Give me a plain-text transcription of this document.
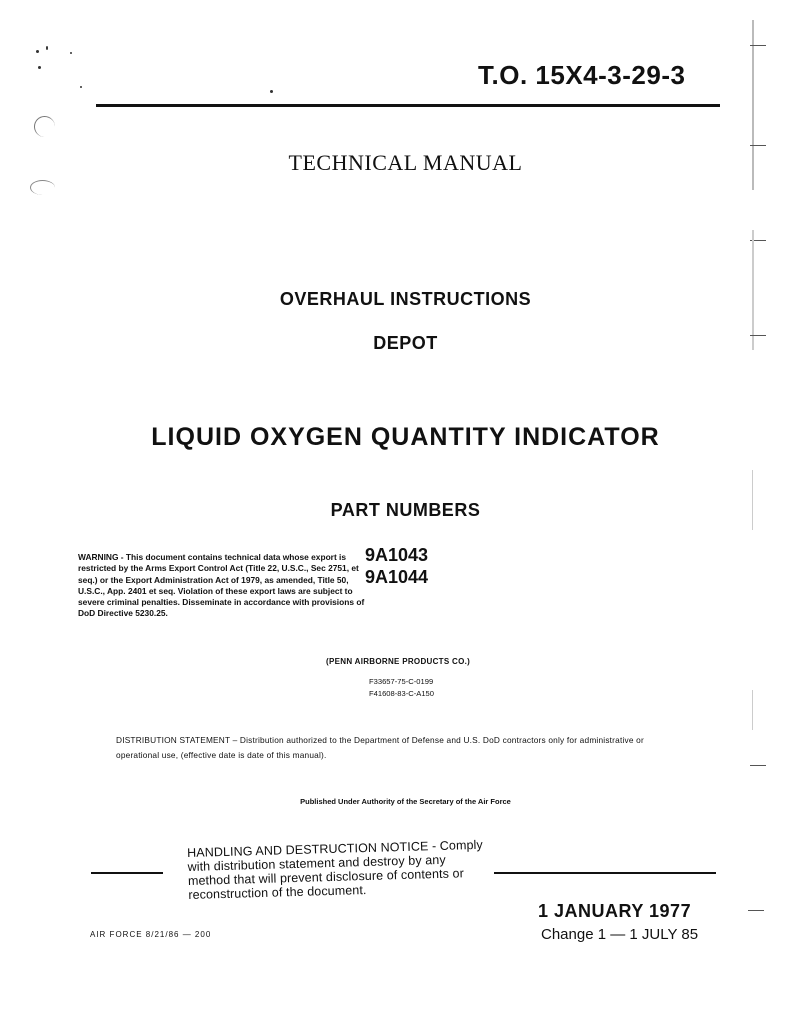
T.O. 15X4-3-29-3
TECHNICAL MANUAL
OVERHAUL INSTRUCTIONS
DEPOT
LIQUID OXYGEN QUANTITY INDICATOR
PART NUMBERS
WARNING - This document contains technical data whose export is restricted by the Arms Export Control Act (Title 22, U.S.C., Sec 2751, et seq.) or the Export Administration Act of 1979, as amended, Title 50, U.S.C., App. 2401 et seq. Violation of these export laws are subject to severe criminal penalties. Disseminate in accordance with provisions of DoD Directive 5230.25.
9A1043
9A1044
(PENN AIRBORNE PRODUCTS CO.)
F33657-75-C-0199
F41608-83-C-A150
DISTRIBUTION STATEMENT – Distribution authorized to the Department of Defense and U.S. DoD contractors only for administrative or operational use, (effective date is date of this manual).
Published Under Authority of the Secretary of the Air Force
HANDLING AND DESTRUCTION NOTICE - Comply with distribution statement and destroy by any method that will prevent disclosure of contents or reconstruction of the document.
AIR FORCE 8/21/86 — 200
1 JANUARY 1977
Change 1 — 1 JULY 85
